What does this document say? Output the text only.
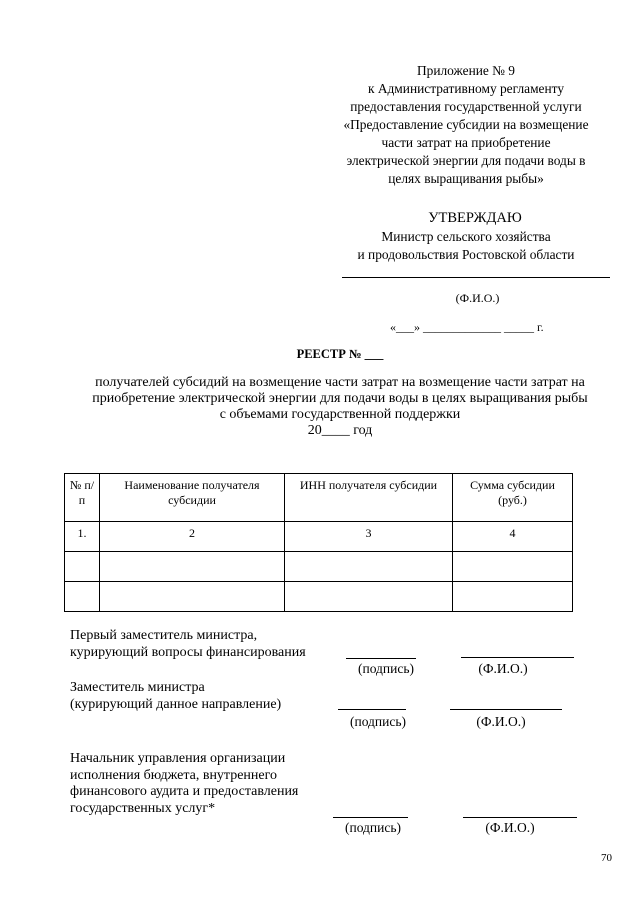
Приложение № 9
к Административному регламенту
предоставления государственной услуги
«Предоставление субсидии на возмещение
части затрат на приобретение
электрической энергии для подачи воды в
целях выращивания рыбы»
УТВЕРЖДАЮ
Министр сельского хозяйства
и продовольствия Ростовской области
(Ф.И.О.)
«___» _____________ _____ г.
РЕЕСТР № ___
получателей субсидий на возмещение части затрат на возмещение части затрат на
приобретение электрической энергии для подачи воды в целях выращивания рыбы
с объемами государственной поддержки
20____ год
№ п/п	Наименование получателя субсидии	ИНН получателя субсидии	Сумма субсидии (руб.)
1.	2	3	4

Первый заместитель министра,
курирующий вопросы финансирования
(подпись)	(Ф.И.О.)
Заместитель министра
(курирующий данное направление)
(подпись)	(Ф.И.О.)
Начальник управления организации
исполнения бюджета, внутреннего
финансового аудита и предоставления
государственных услуг*
(подпись)	(Ф.И.О.)
70
